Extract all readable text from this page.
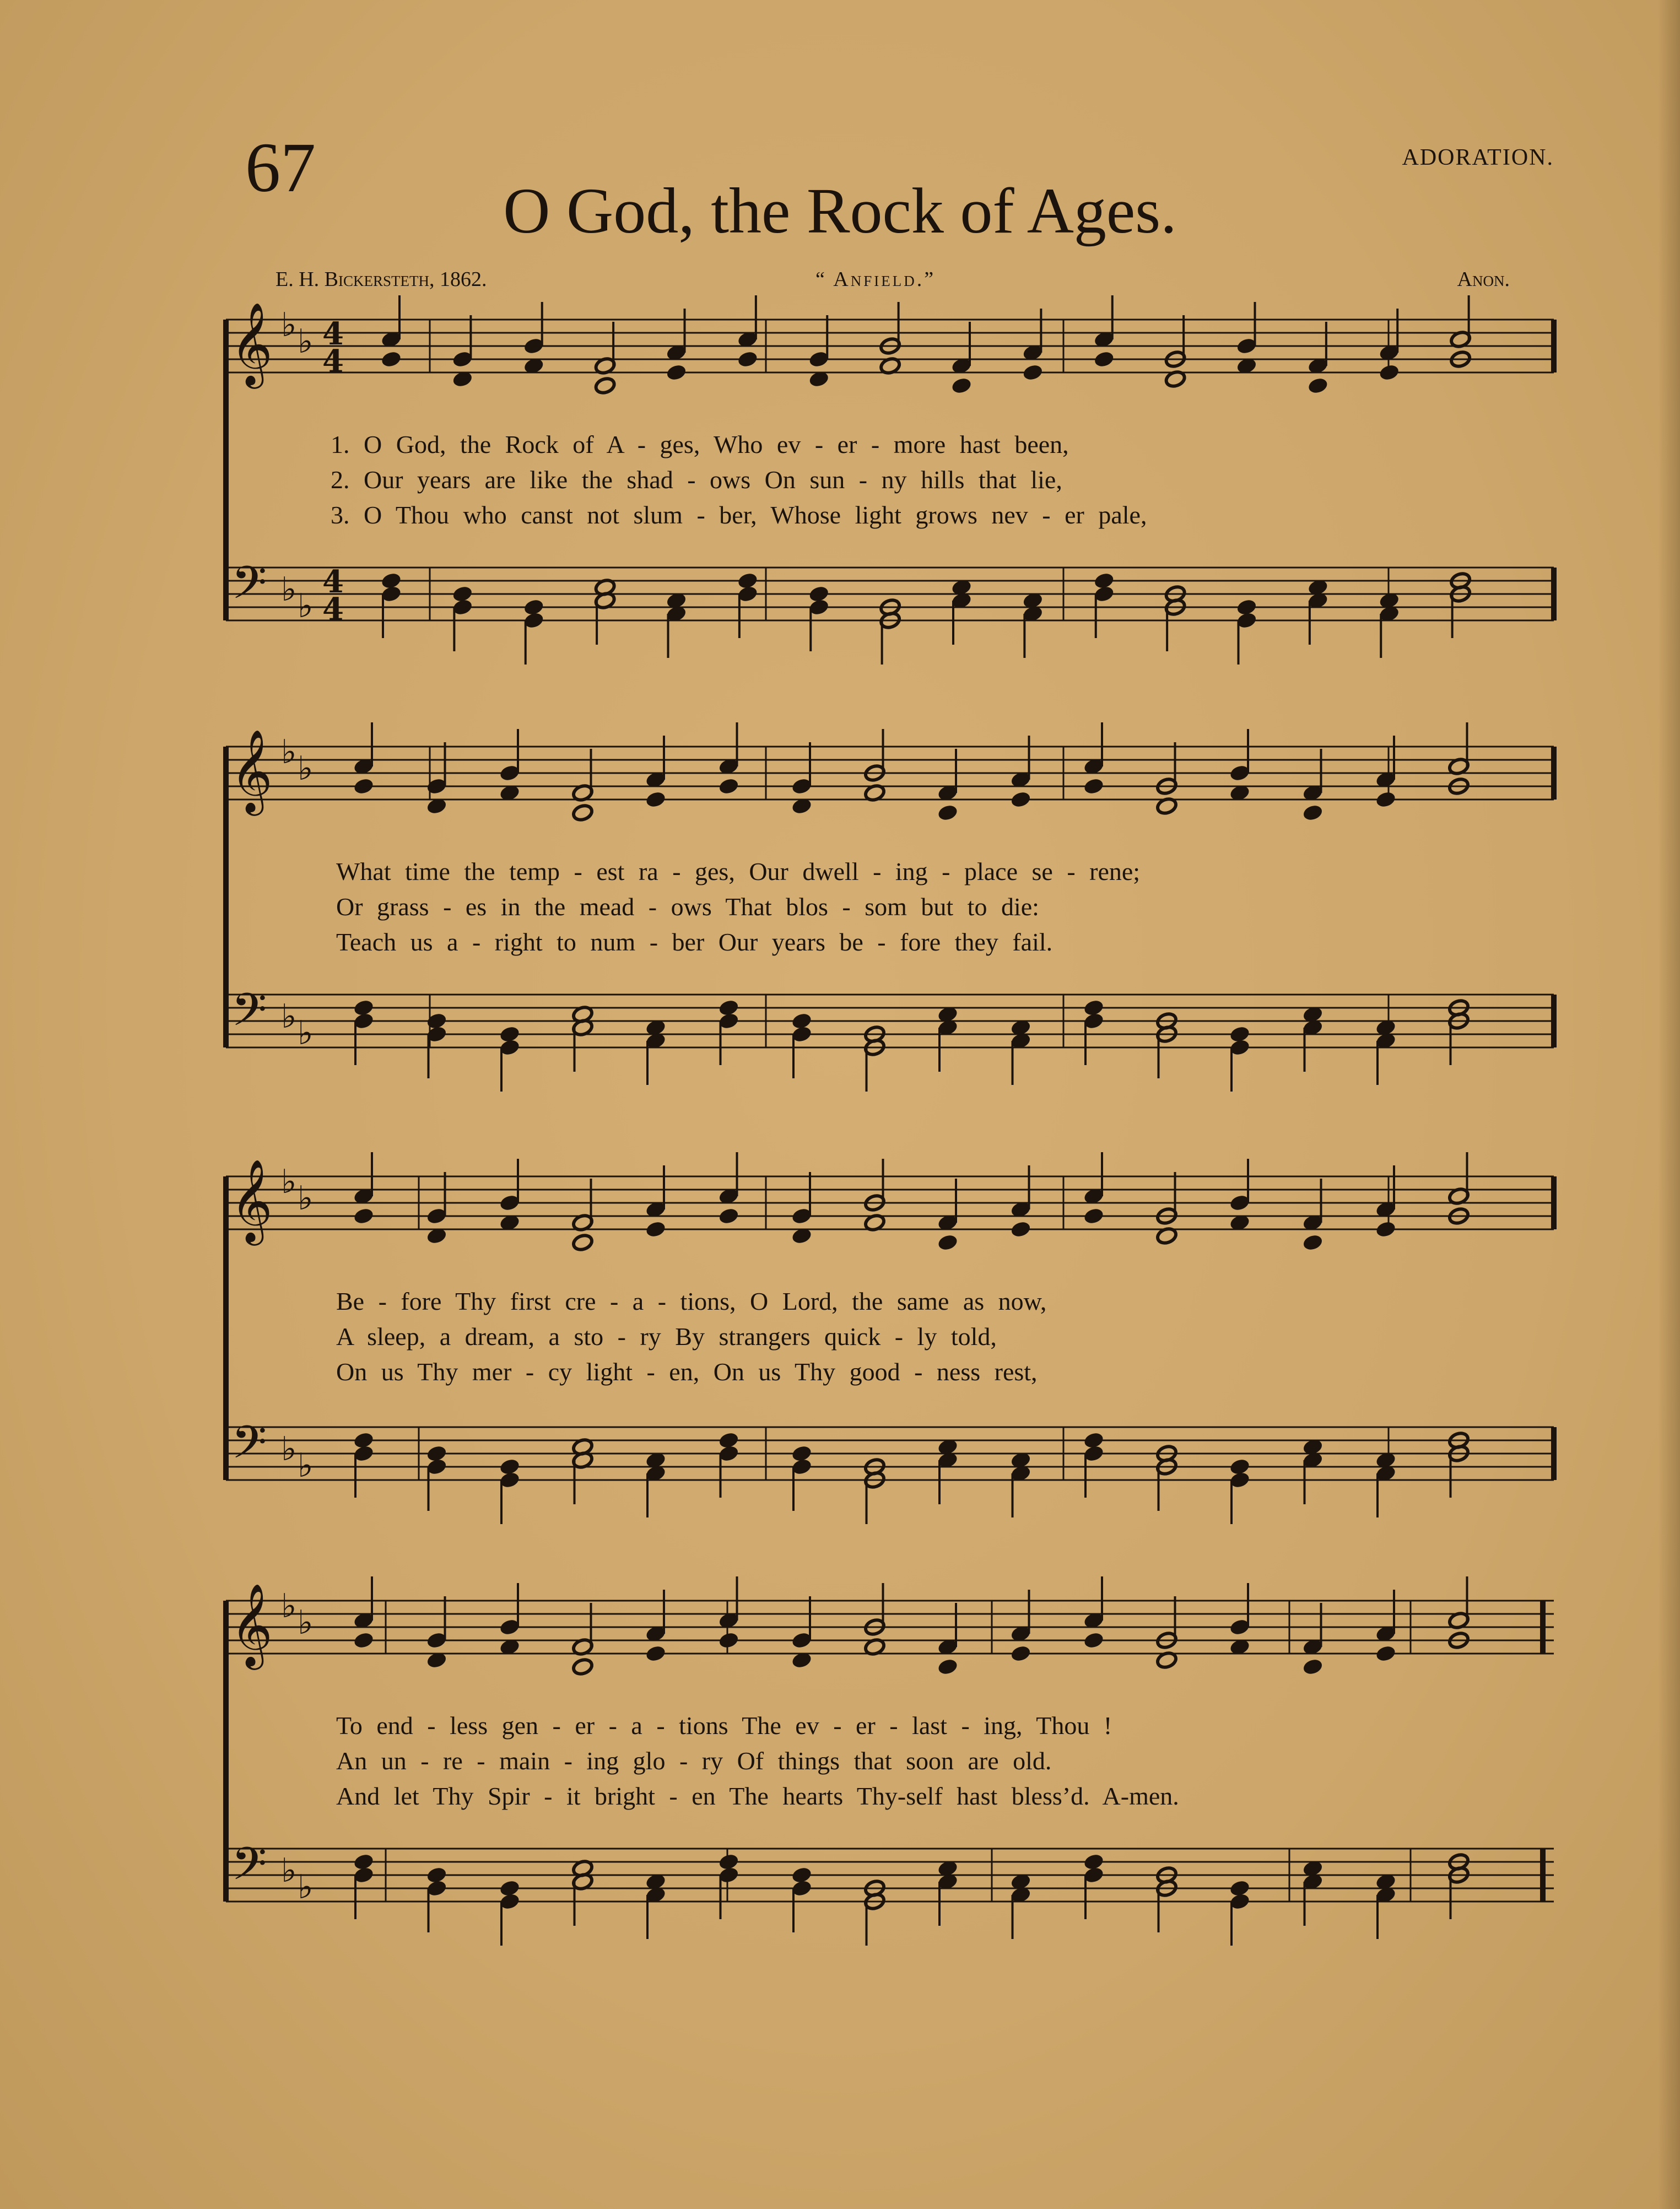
67	ADORATION.
O God, the Rock of Ages.
E. H. Bickersteth, 1862.	“ Anfield.”	Anon.
𝄞
𝄢
♭ ♭
♭ ♭
4
4
4
4
𝄞
𝄢
♭ ♭
♭ ♭
𝄞
𝄢
♭ ♭
♭ ♭
𝄞
𝄢
♭ ♭
♭ ♭
1. O God, the Rock of A - ges, Who ev - er - more hast been,
2. Our years are like the shad - ows On sun - ny hills that lie,
3. O Thou who canst not slum - ber, Whose light grows nev - er pale,
What time the temp - est ra - ges, Our dwell - ing - place se - rene;
Or grass - es in the mead - ows That blos - som but to die:
Teach us a - right to num - ber Our years be - fore they fail.
Be - fore Thy first cre - a - tions, O Lord, the same as now,
A sleep, a dream, a sto - ry By strangers quick - ly told,
On us Thy mer - cy light - en, On us Thy good - ness rest,
To end - less gen - er - a - tions The ev - er - last - ing, Thou !
An un - re - main - ing glo - ry Of things that soon are old.
And let Thy Spir - it bright - en The hearts Thy-self hast bless’d. A-men.
